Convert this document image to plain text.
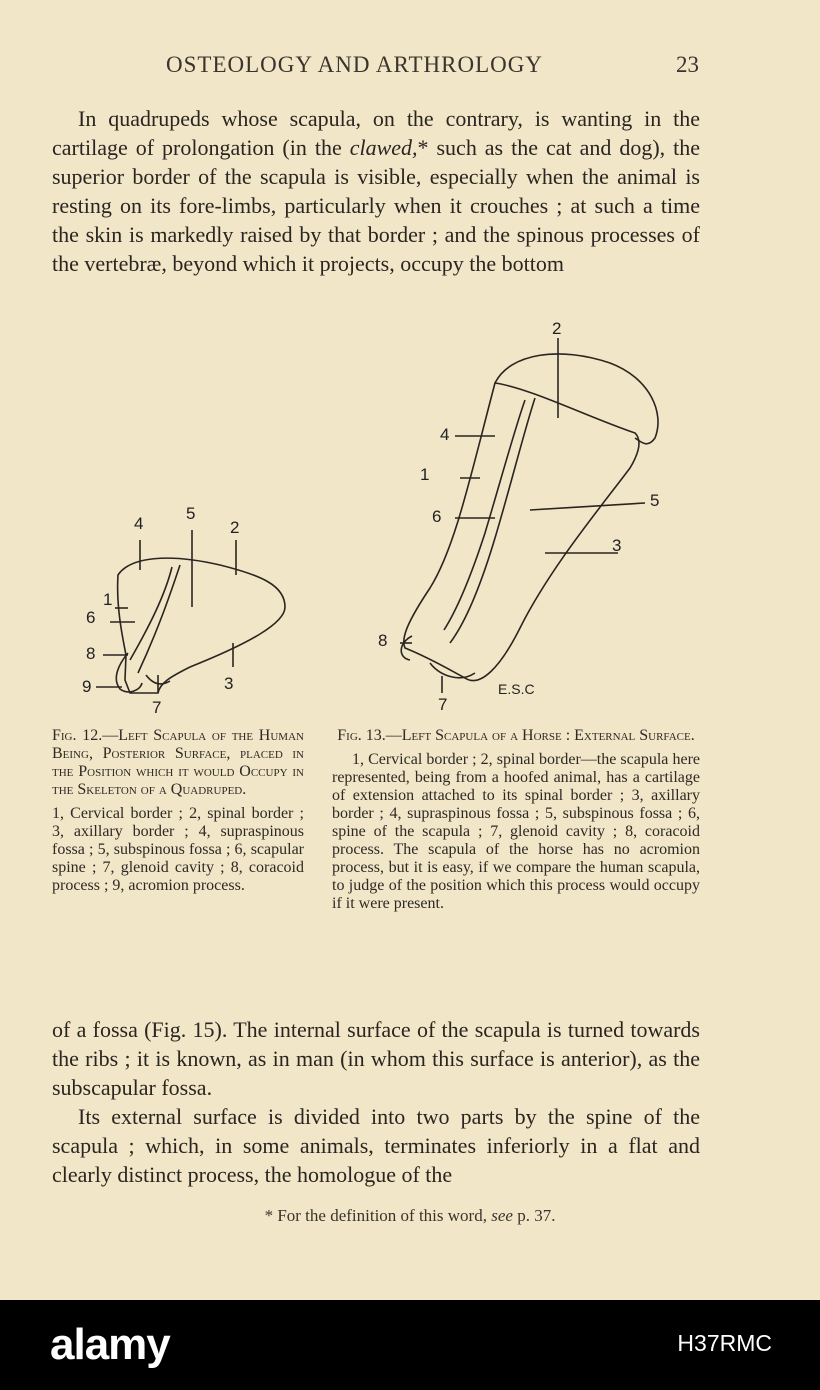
OSTEOLOGY AND ARTHROLOGY	23

In quadrupeds whose scapula, on the contrary, is wanting in the cartilage of prolongation (in the clawed,* such as the cat and dog), the superior border of the scapula is visible, especially when the animal is resting on its fore-limbs, particularly when it crouches ; at such a time the skin is markedly raised by that border ; and the spinous processes of the vertebræ, beyond which it projects, occupy the bottom

4
5
2
1
6
8
9
7
3
2
4
1
6
5
3
8
7
E.S.C
Fig. 12.—Left Scapula of the Human Being, Posterior Surface, placed in the Position which it would Occupy in the Skeleton of a Quadruped.
1, Cervical border ; 2, spinal border ; 3, axillary border ; 4, supraspinous fossa ; 5, subspinous fossa ; 6, scapular spine ; 7, glenoid cavity ; 8, coracoid process ; 9, acromion process.
Fig. 13.—Left Scapula of a Horse : External Surface.
1, Cervical border ; 2, spinal border—the scapula here represented, being from a hoofed animal, has a cartilage of extension attached to its spinal border ; 3, axillary border ; 4, supraspinous fossa ; 5, subspinous fossa ; 6, spine of the scapula ; 7, glenoid cavity ; 8, coracoid process. The scapula of the horse has no acromion process, but it is easy, if we compare the human scapula, to judge of the position which this process would occupy if it were present.

of a fossa (Fig. 15). The internal surface of the scapula is turned towards the ribs ; it is known, as in man (in whom this surface is anterior), as the subscapular fossa.

Its external surface is divided into two parts by the spine of the scapula ; which, in some animals, terminates inferiorly in a flat and clearly distinct process, the homologue of the

* For the definition of this word, see p. 37.
alamy	H37RMC
